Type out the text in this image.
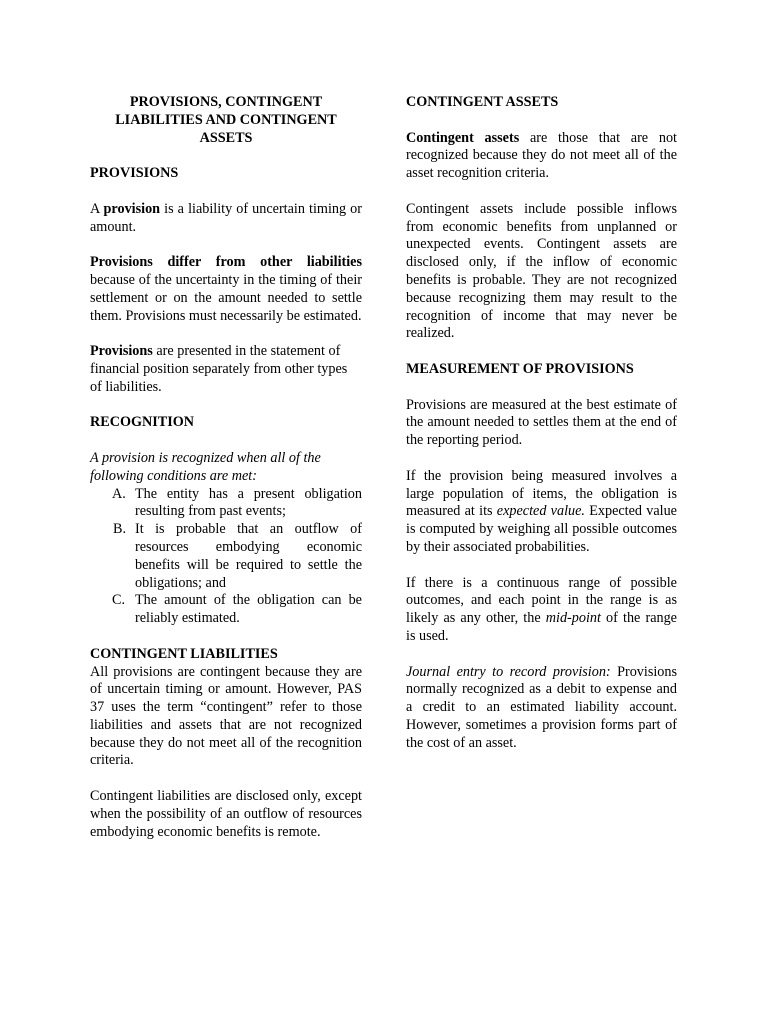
PROVISIONS, CONTINGENT LIABILITIES AND CONTINGENT ASSETS

PROVISIONS

A provision is a liability of uncertain timing or amount.

Provisions differ from other liabilities because of the uncertainty in the timing of their settlement or on the amount needed to settle them. Provisions must necessarily be estimated.

Provisions are presented in the statement of financial position separately from other types of liabilities.

RECOGNITION

A provision is recognized when all of the following conditions are met:

A. The entity has a present obligation resulting from past events;
B. It is probable that an outflow of resources embodying economic benefits will be required to settle the obligations; and
C. The amount of the obligation can be reliably estimated.

CONTINGENT LIABILITIES

All provisions are contingent because they are of uncertain timing or amount. However, PAS 37 uses the term “contingent” refer to those liabilities and assets that are not recognized because they do not meet all of the recognition criteria.

Contingent liabilities are disclosed only, except when the possibility of an outflow of resources embodying economic benefits is remote.

CONTINGENT ASSETS

Contingent assets are those that are not recognized because they do not meet all of the asset recognition criteria.

Contingent assets include possible inflows from economic benefits from unplanned or unexpected events. Contingent assets are disclosed only, if the inflow of economic benefits is probable. They are not recognized because recognizing them may result to the recognition of income that may never be realized.

MEASUREMENT OF PROVISIONS

Provisions are measured at the best estimate of the amount needed to settles them at the end of the reporting period.

If the provision being measured involves a large population of items, the obligation is measured at its expected value. Expected value is computed by weighing all possible outcomes by their associated probabilities.

If there is a continuous range of possible outcomes, and each point in the range is as likely as any other, the mid-point of the range is used.

Journal entry to record provision: Provisions normally recognized as a debit to expense and a credit to an estimated liability account. However, sometimes a provision forms part of the cost of an asset.
